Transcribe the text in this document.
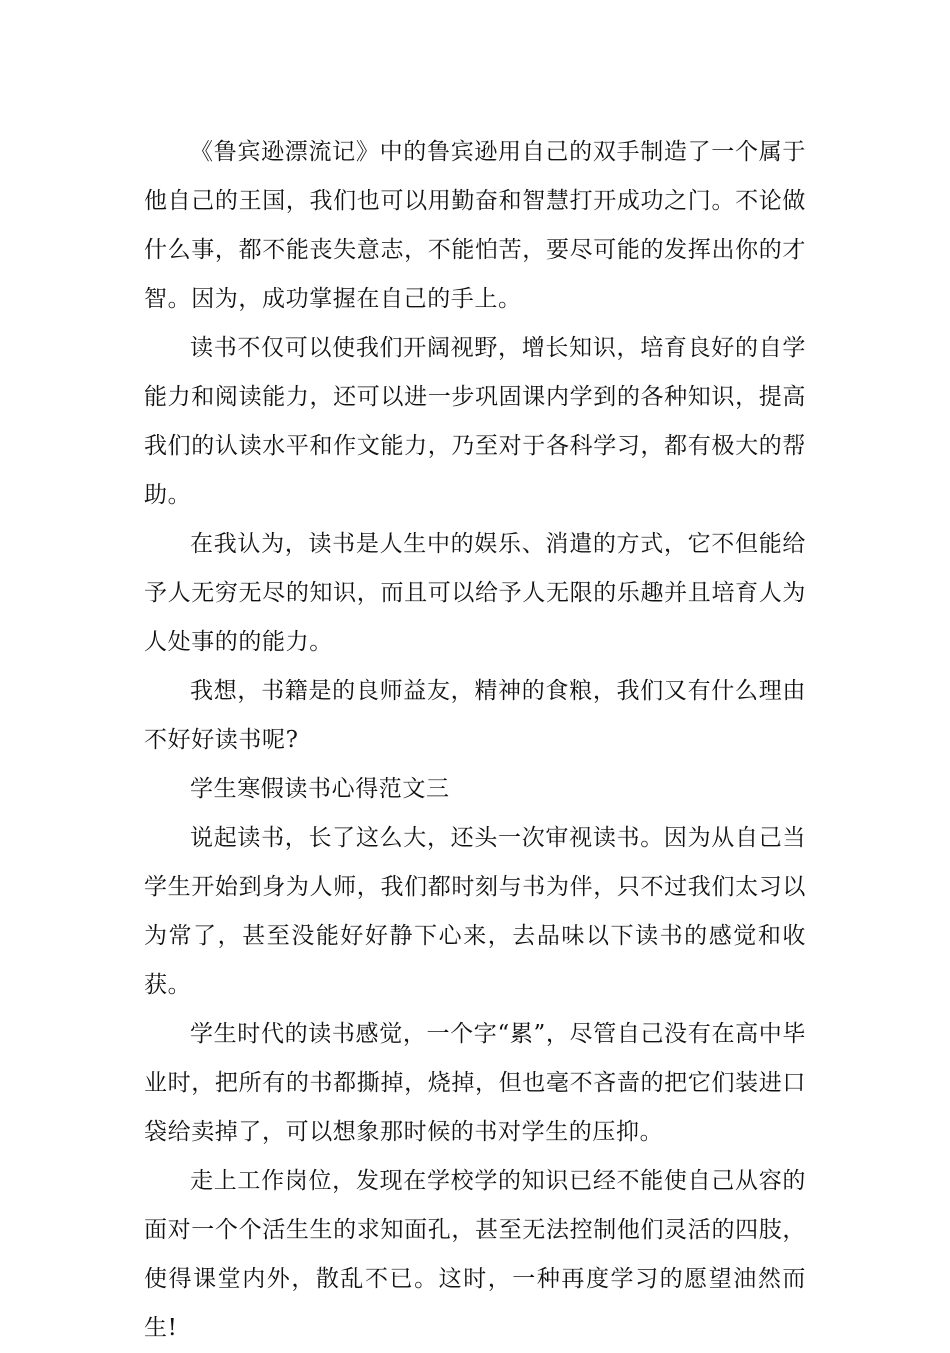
《鲁宾逊漂流记》中的鲁宾逊用自己的双手制造了一个属于他自己的王国，我们也可以用勤奋和智慧打开成功之门。不论做什么事，都不能丧失意志，不能怕苦，要尽可能的发挥出你的才智。因为，成功掌握在自己的手上。

读书不仅可以使我们开阔视野，增长知识，培育良好的自学能力和阅读能力，还可以进一步巩固课内学到的各种知识，提高我们的认读水平和作文能力，乃至对于各科学习，都有极大的帮助。

在我认为，读书是人生中的娱乐、消遣的方式，它不但能给予人无穷无尽的知识，而且可以给予人无限的乐趣并且培育人为人处事的的能力。

我想，书籍是的良师益友，精神的食粮，我们又有什么理由不好好读书呢?

学生寒假读书心得范文三

说起读书，长了这么大，还头一次审视读书。因为从自己当学生开始到身为人师，我们都时刻与书为伴，只不过我们太习以为常了，甚至没能好好静下心来，去品味以下读书的感觉和收获。

学生时代的读书感觉，一个字“累”，尽管自己没有在高中毕业时，把所有的书都撕掉，烧掉，但也毫不吝啬的把它们装进口袋给卖掉了，可以想象那时候的书对学生的压抑。

走上工作岗位，发现在学校学的知识已经不能使自己从容的面对一个个活生生的求知面孔，甚至无法控制他们灵活的四肢，使得课堂内外，散乱不已。这时，一种再度学习的愿望油然而生!
